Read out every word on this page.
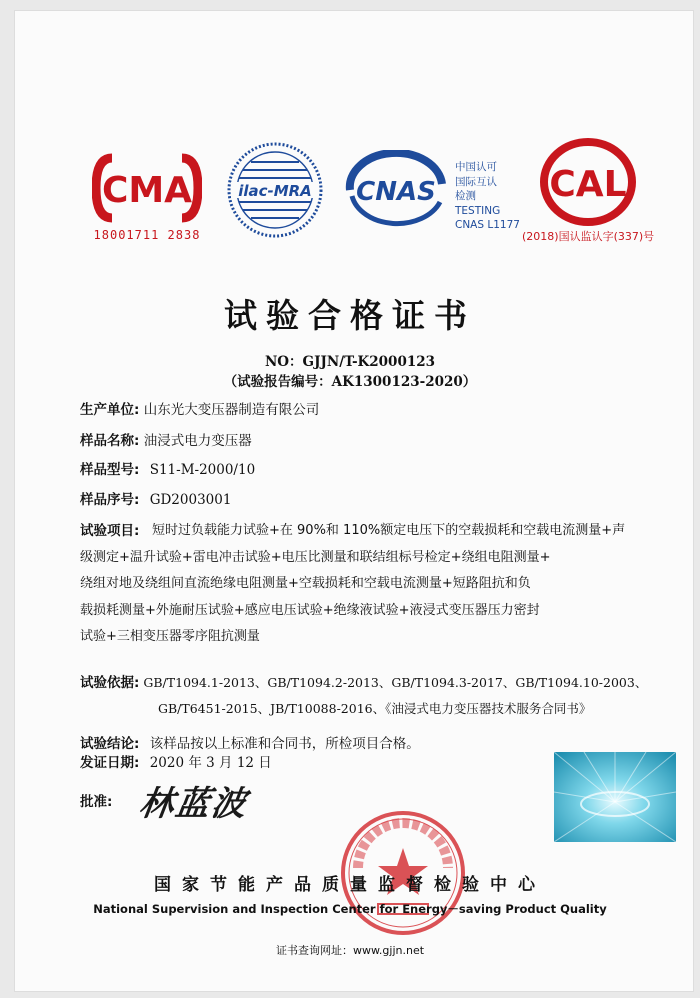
CMA
18001711 2838
ilac-MRA CNAS
中国认可
国际互认
检测
TESTING
CNAS L1177
CAL
(2018)国认监认字(337)号
试验合格证书
NO：GJJN/T-K2000123
（试验报告编号：AK1300123-2020）
生产单位: 山东光大变压器制造有限公司
样品名称: 油浸式电力变压器
样品型号: S11-M-2000/10
样品序号: GD2003001
试验项目: 短时过负载能力试验+在 90%和 110%额定电压下的空载损耗和空载电流测量+声
级测定+温升试验+雷电冲击试验+电压比测量和联结组标号检定+绕组电阻测量+
绕组对地及绕组间直流绝缘电阻测量+空载损耗和空载电流测量+短路阻抗和负
载损耗测量+外施耐压试验+感应电压试验+绝缘液试验+液浸式变压器压力密封
试验+三相变压器零序阻抗测量
试验依据: GB/T1094.1-2013、GB/T1094.2-2013、GB/T1094.3-2017、GB/T1094.10-2003、
GB/T6451-2015、JB/T10088-2016、《油浸式电力变压器技术服务合同书》
试验结论: 该样品按以上标准和合同书，所检项目合格。
发证日期: 2020 年 3 月 12 日
批准: 林蓝波
国家节能产品质量监督检验中心
National Supervision and Inspection Center for Energy－saving Product Quality
证书查询网址：www.gjjn.net
